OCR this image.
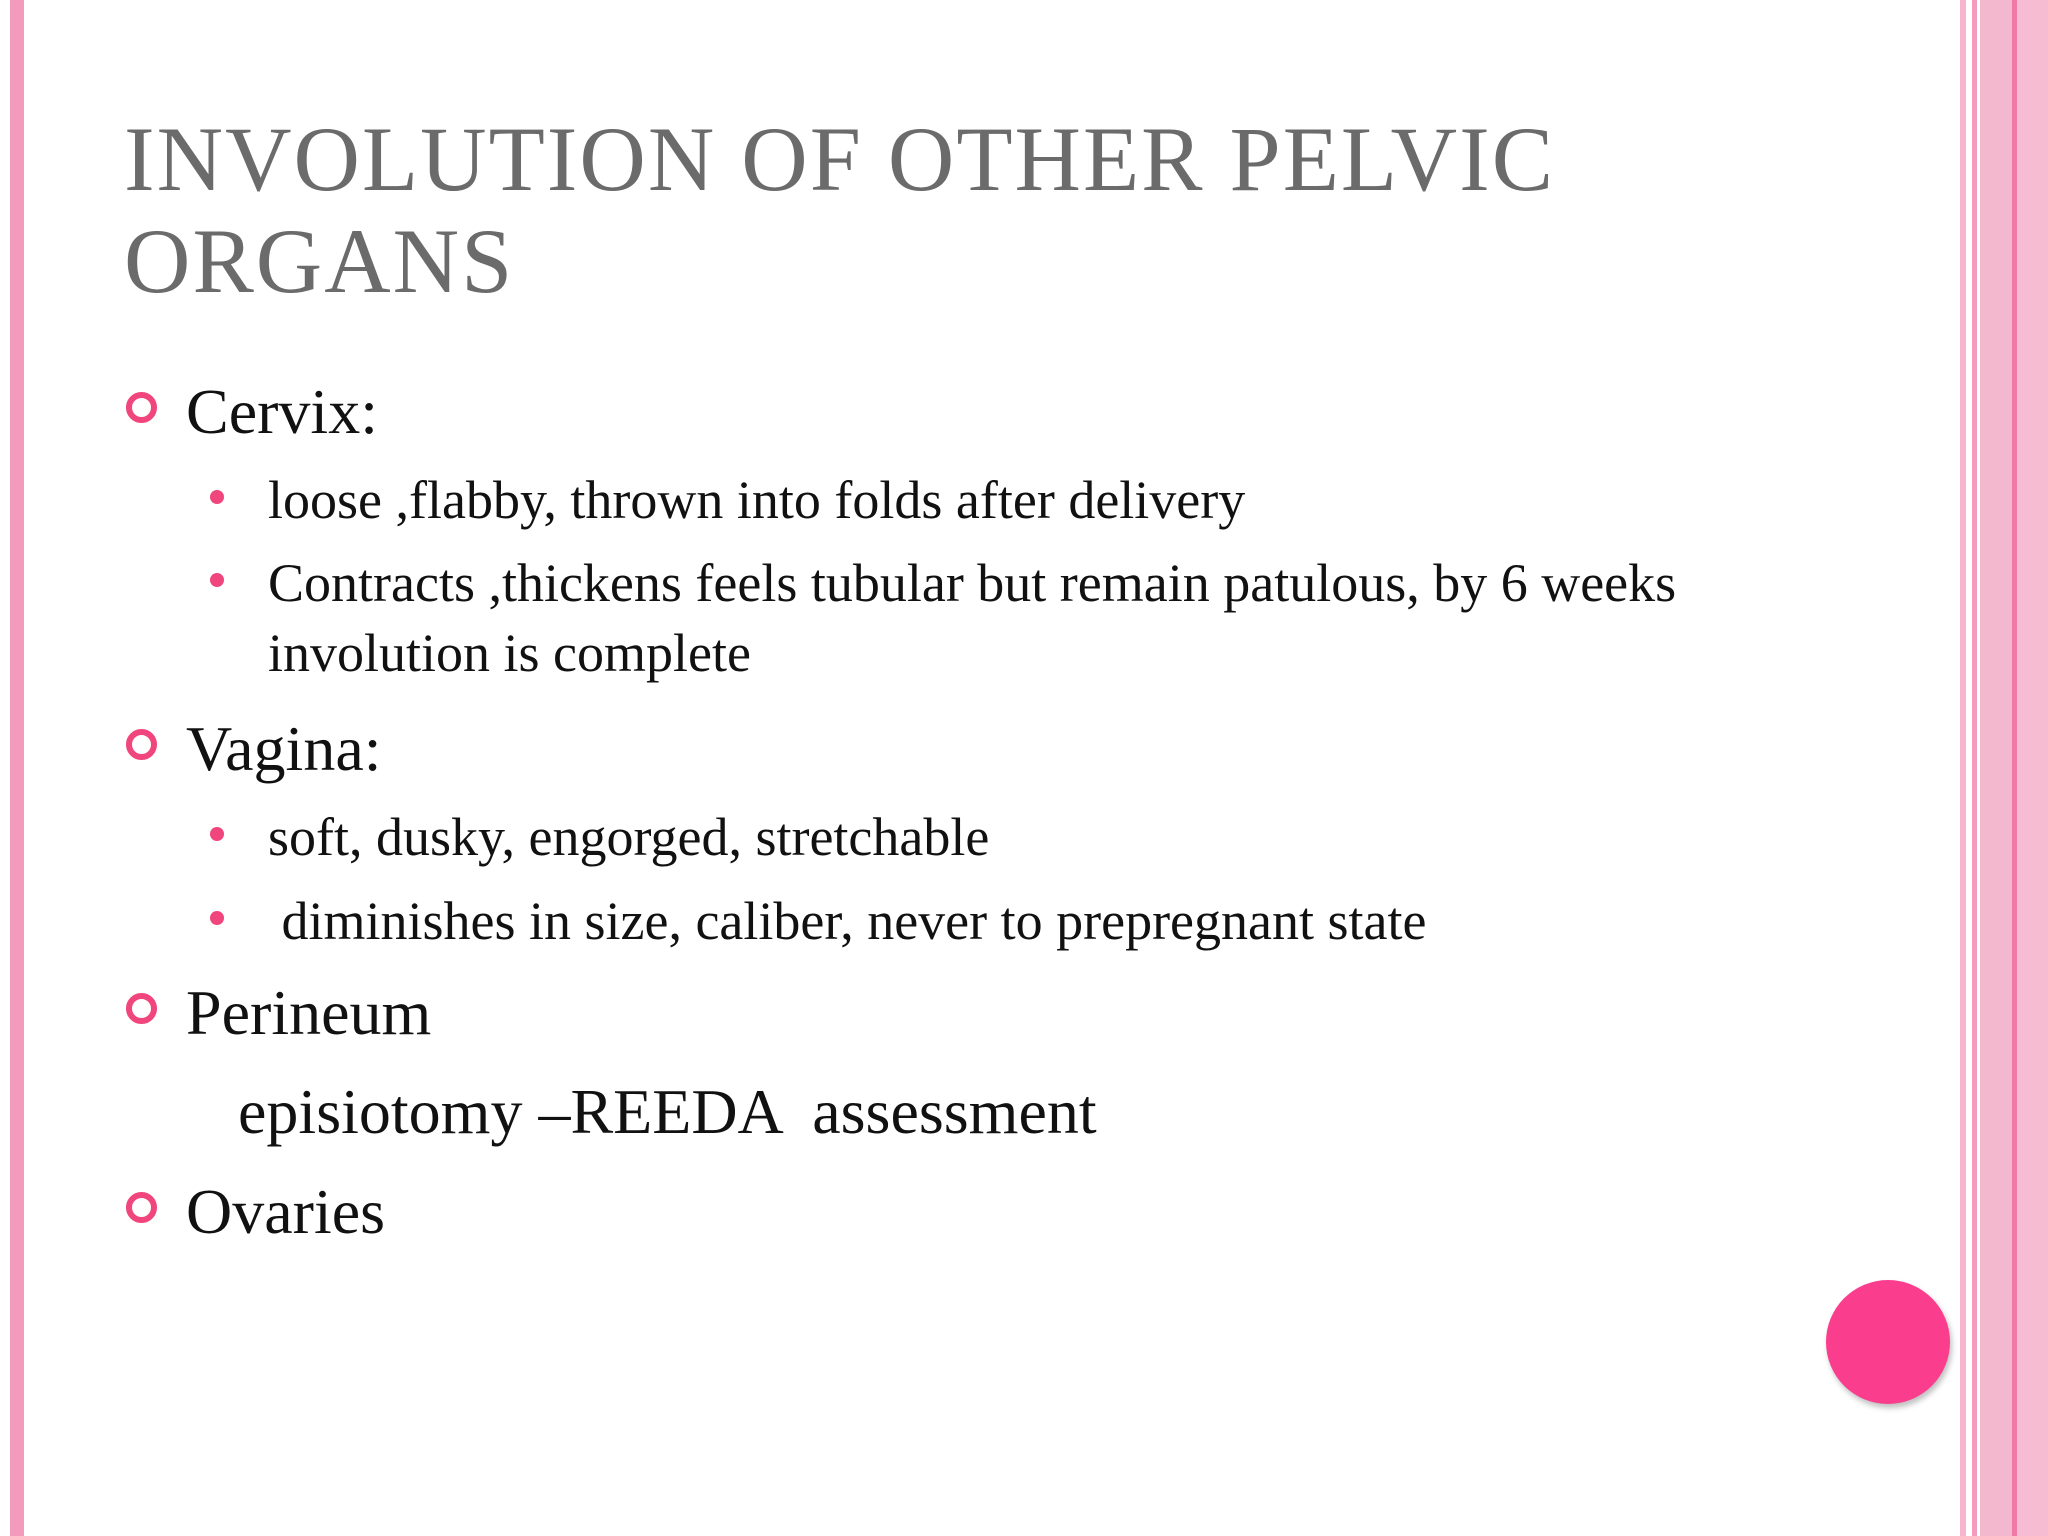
INVOLUTION OF OTHER PELVIC ORGANS
Cervix:
loose ,flabby, thrown into folds after delivery
Contracts ,thickens feels tubular but remain patulous, by 6 weeks involution is complete
Vagina:
soft, dusky, engorged, stretchable
diminishes in size, caliber, never to prepregnant state
Perineum
episiotomy –REEDA  assessment
Ovaries
